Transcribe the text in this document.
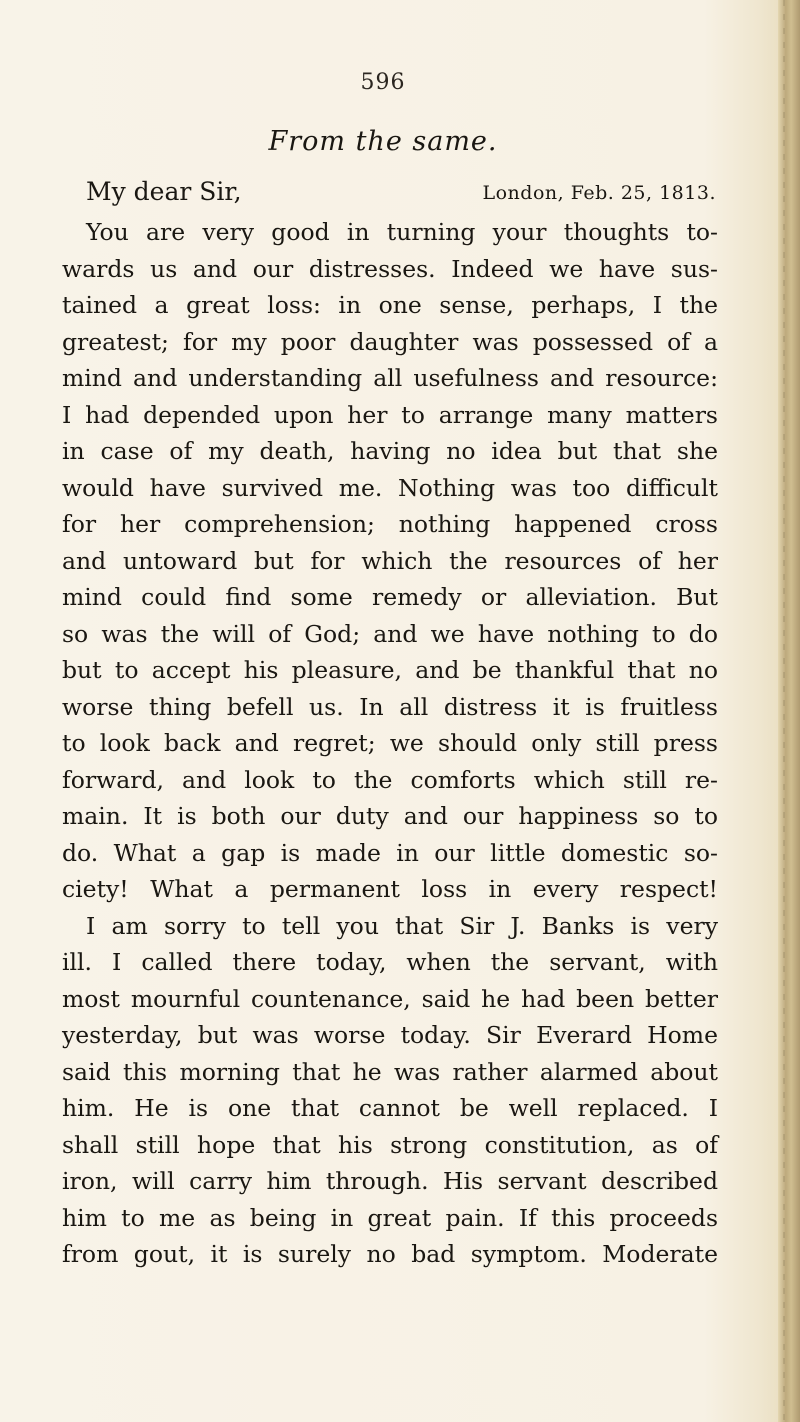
596
From the same.
My dear Sir,	London, Feb. 25, 1813.
You are very good in turning your thoughts to-
wards us and our distresses. Indeed we have sus-
tained a great loss: in one sense, perhaps, I the
greatest; for my poor daughter was possessed of a
mind and understanding all usefulness and resource:
I had depended upon her to arrange many matters
in case of my death, having no idea but that she
would have survived me. Nothing was too difficult
for her comprehension; nothing happened cross
and untoward but for which the resources of her
mind could find some remedy or alleviation. But
so was the will of God; and we have nothing to do
but to accept his pleasure, and be thankful that no
worse thing befell us. In all distress it is fruitless
to look back and regret; we should only still press
forward, and look to the comforts which still re-
main. It is both our duty and our happiness so to
do. What a gap is made in our little domestic so-
ciety! What a permanent loss in every respect!
I am sorry to tell you that Sir J. Banks is very
ill. I called there today, when the servant, with
most mournful countenance, said he had been better
yesterday, but was worse today. Sir Everard Home
said this morning that he was rather alarmed about
him. He is one that cannot be well replaced. I
shall still hope that his strong constitution, as of
iron, will carry him through. His servant described
him to me as being in great pain. If this proceeds
from gout, it is surely no bad symptom. Moderate
